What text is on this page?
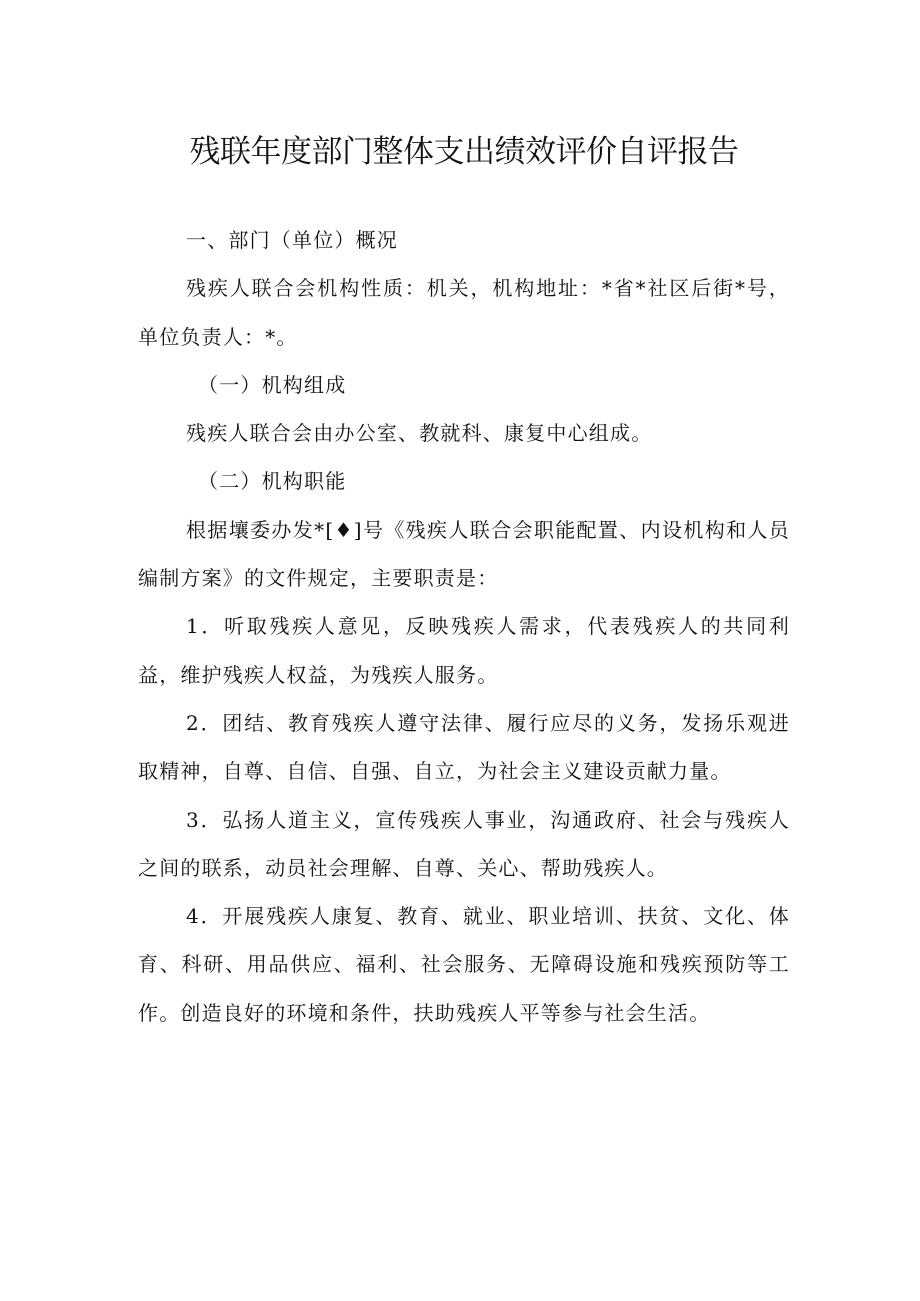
残联年度部门整体支出绩效评价自评报告

一、部门（单位）概况

残疾人联合会机构性质：机关，机构地址：*省*社区后街*号，单位负责人：*。

（一）机构组成

残疾人联合会由办公室、教就科、康复中心组成。

（二）机构职能

根据壤委办发*[♦]号《残疾人联合会职能配置、内设机构和人员编制方案》的文件规定，主要职责是：

1．听取残疾人意见，反映残疾人需求，代表残疾人的共同利益，维护残疾人权益，为残疾人服务。

2．团结、教育残疾人遵守法律、履行应尽的义务，发扬乐观进取精神，自尊、自信、自强、自立，为社会主义建设贡献力量。

3．弘扬人道主义，宣传残疾人事业，沟通政府、社会与残疾人之间的联系，动员社会理解、自尊、关心、帮助残疾人。

4．开展残疾人康复、教育、就业、职业培训、扶贫、文化、体育、科研、用品供应、福利、社会服务、无障碍设施和残疾预防等工作。创造良好的环境和条件，扶助残疾人平等参与社会生活。
